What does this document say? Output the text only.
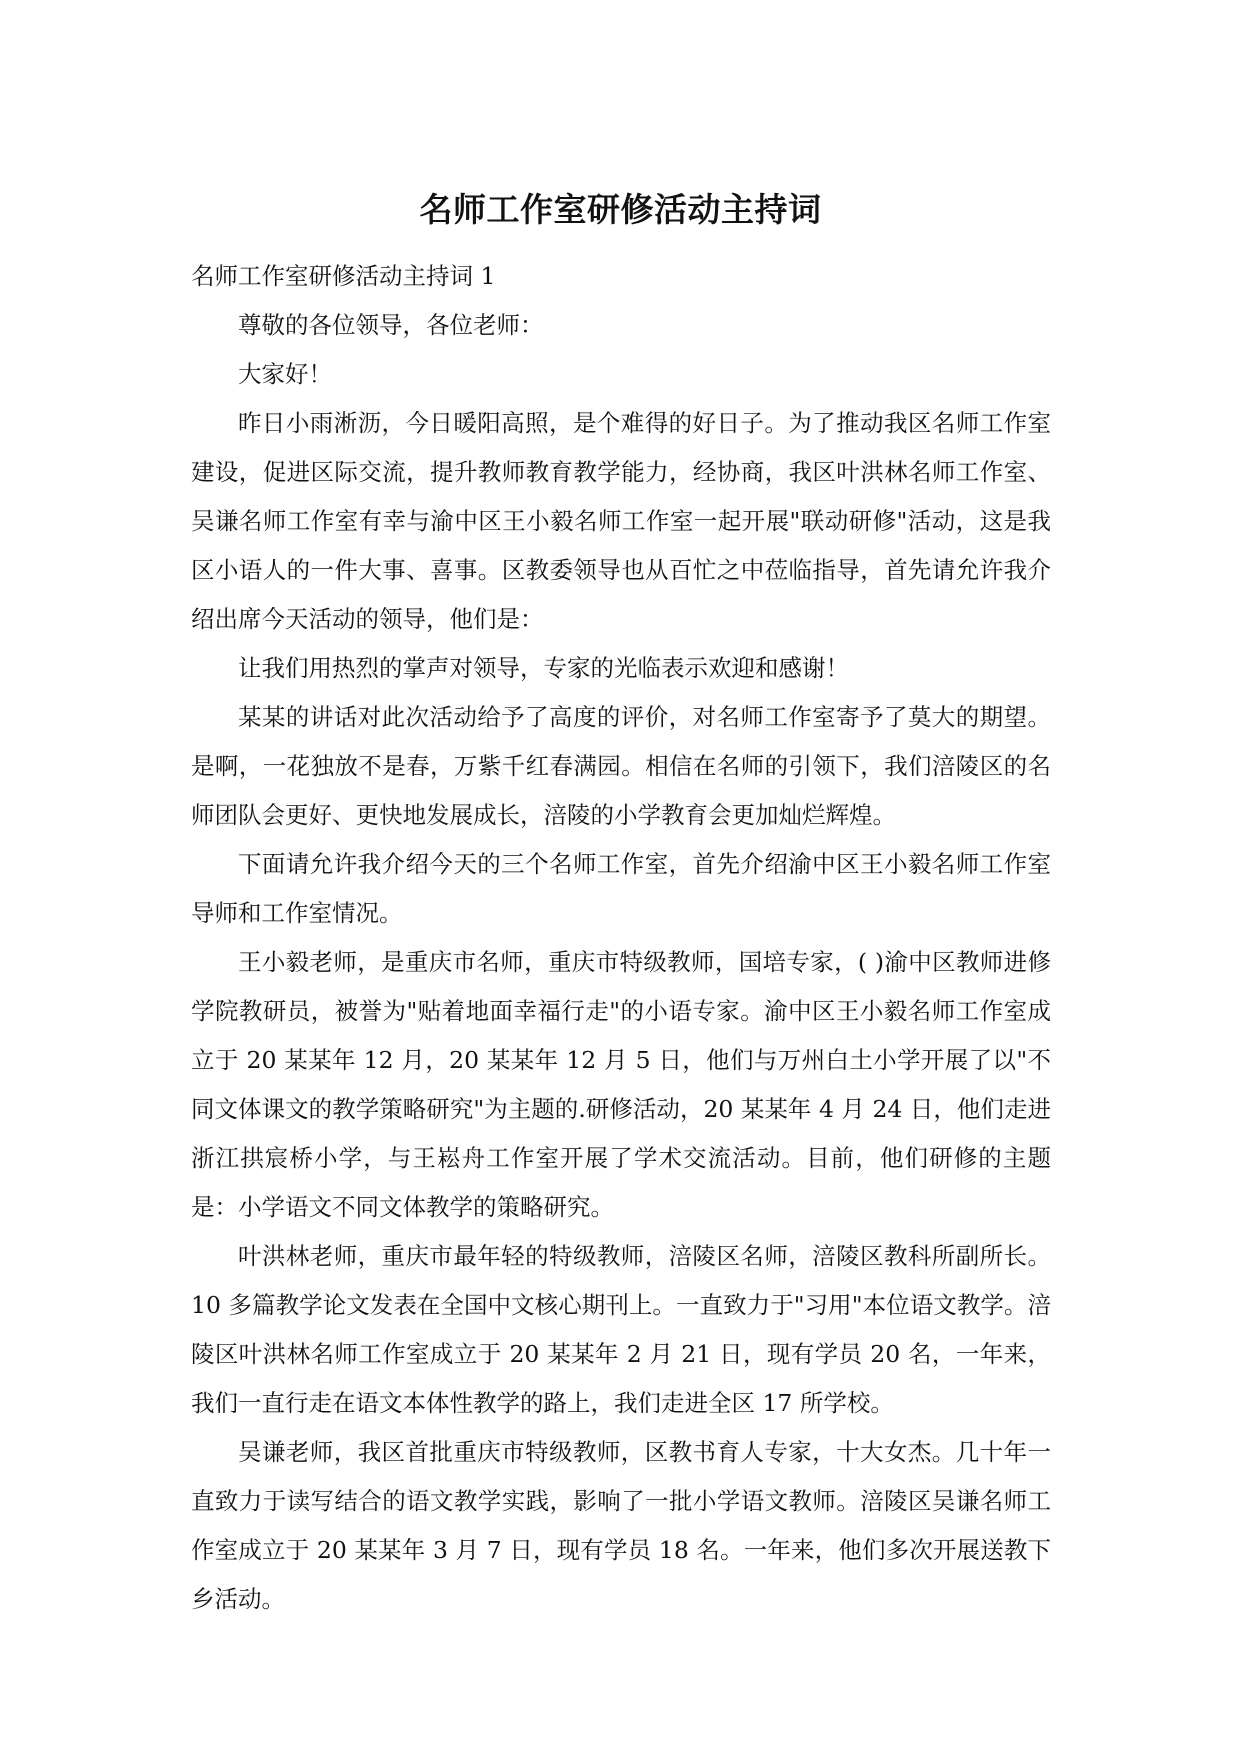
名师工作室研修活动主持词

名师工作室研修活动主持词 1

尊敬的各位领导，各位老师：

大家好！

昨日小雨淅沥，今日暖阳高照，是个难得的好日子。为了推动我区名师工作室建设，促进区际交流，提升教师教育教学能力，经协商，我区叶洪林名师工作室、吴谦名师工作室有幸与渝中区王小毅名师工作室一起开展"联动研修"活动，这是我区小语人的一件大事、喜事。区教委领导也从百忙之中莅临指导，首先请允许我介绍出席今天活动的领导，他们是：

让我们用热烈的掌声对领导，专家的光临表示欢迎和感谢！

某某的讲话对此次活动给予了高度的评价，对名师工作室寄予了莫大的期望。是啊，一花独放不是春，万紫千红春满园。相信在名师的引领下，我们涪陵区的名师团队会更好、更快地发展成长，涪陵的小学教育会更加灿烂辉煌。

下面请允许我介绍今天的三个名师工作室，首先介绍渝中区王小毅名师工作室导师和工作室情况。

王小毅老师，是重庆市名师，重庆市特级教师，国培专家，( )渝中区教师进修学院教研员，被誉为"贴着地面幸福行走"的小语专家。渝中区王小毅名师工作室成立于 20 某某年 12 月，20 某某年 12 月 5 日，他们与万州白土小学开展了以"不同文体课文的教学策略研究"为主题的.研修活动，20 某某年 4 月 24 日，他们走进浙江拱宸桥小学，与王崧舟工作室开展了学术交流活动。目前，他们研修的主题是：小学语文不同文体教学的策略研究。

叶洪林老师，重庆市最年轻的特级教师，涪陵区名师，涪陵区教科所副所长。10 多篇教学论文发表在全国中文核心期刊上。一直致力于"习用"本位语文教学。涪陵区叶洪林名师工作室成立于 20 某某年 2 月 21 日，现有学员 20 名，一年来，我们一直行走在语文本体性教学的路上，我们走进全区 17 所学校。

吴谦老师，我区首批重庆市特级教师，区教书育人专家，十大女杰。几十年一直致力于读写结合的语文教学实践，影响了一批小学语文教师。涪陵区吴谦名师工作室成立于 20 某某年 3 月 7 日，现有学员 18 名。一年来，他们多次开展送教下乡活动。
